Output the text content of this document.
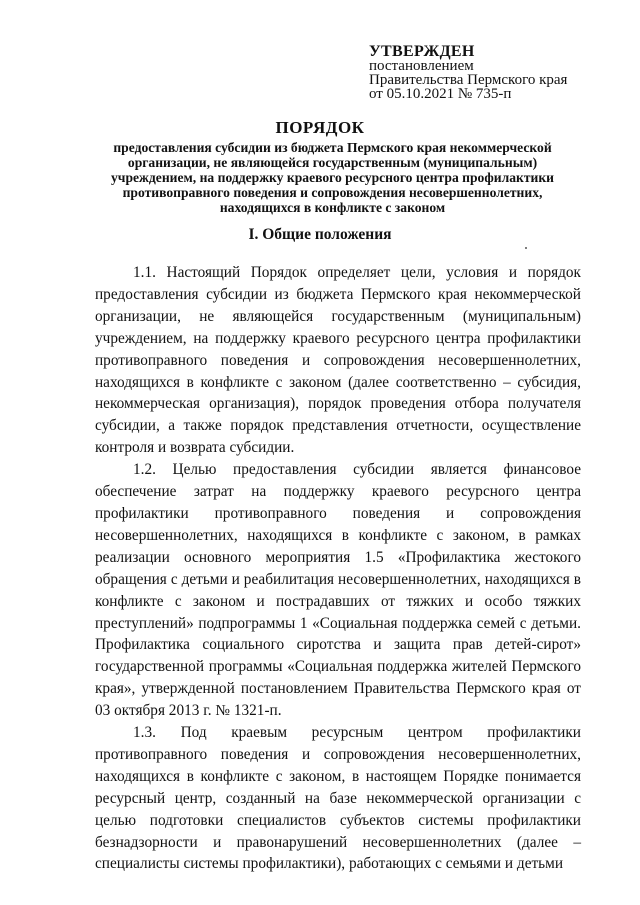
УТВЕРЖДЕН
постановлением
Правительства Пермского края
от 05.10.2021 № 735-п
ПОРЯДОК
предоставления субсидии из бюджета Пермского края некоммерческой организации, не являющейся государственным (муниципальным) учреждением, на поддержку краевого ресурсного центра профилактики противоправного поведения и сопровождения несовершеннолетних, находящихся в конфликте с законом
I. Общие положения

1.1. Настоящий Порядок определяет цели, условия и порядок предоставления субсидии из бюджета Пермского края некоммерческой организации, не являющейся государственным (муниципальным) учреждением, на поддержку краевого ресурсного центра профилактики противоправного поведения и сопровождения несовершеннолетних, находящихся в конфликте с законом (далее соответственно – субсидия, некоммерческая организация), порядок проведения отбора получателя субсидии, а также порядок представления отчетности, осуществление контроля и возврата субсидии.

1.2. Целью предоставления субсидии является финансовое обеспечение затрат на поддержку краевого ресурсного центра профилактики противоправного поведения и сопровождения несовершеннолетних, находящихся в конфликте с законом, в рамках реализации основного мероприятия 1.5 «Профилактика жестокого обращения с детьми и реабилитация несовершеннолетних, находящихся в конфликте с законом и пострадавших от тяжких и особо тяжких преступлений» подпрограммы 1 «Социальная поддержка семей с детьми. Профилактика социального сиротства и защита прав детей-сирот» государственной программы «Социальная поддержка жителей Пермского края», утвержденной постановлением Правительства Пермского края от 03 октября 2013 г. № 1321-п.

1.3. Под краевым ресурсным центром профилактики противоправного поведения и сопровождения несовершеннолетних, находящихся в конфликте с законом, в настоящем Порядке понимается ресурсный центр, созданный на базе некоммерческой организации с целью подготовки специалистов субъектов системы профилактики безнадзорности и правонарушений несовершеннолетних (далее – специалисты системы профилактики), работающих с семьями и детьми
